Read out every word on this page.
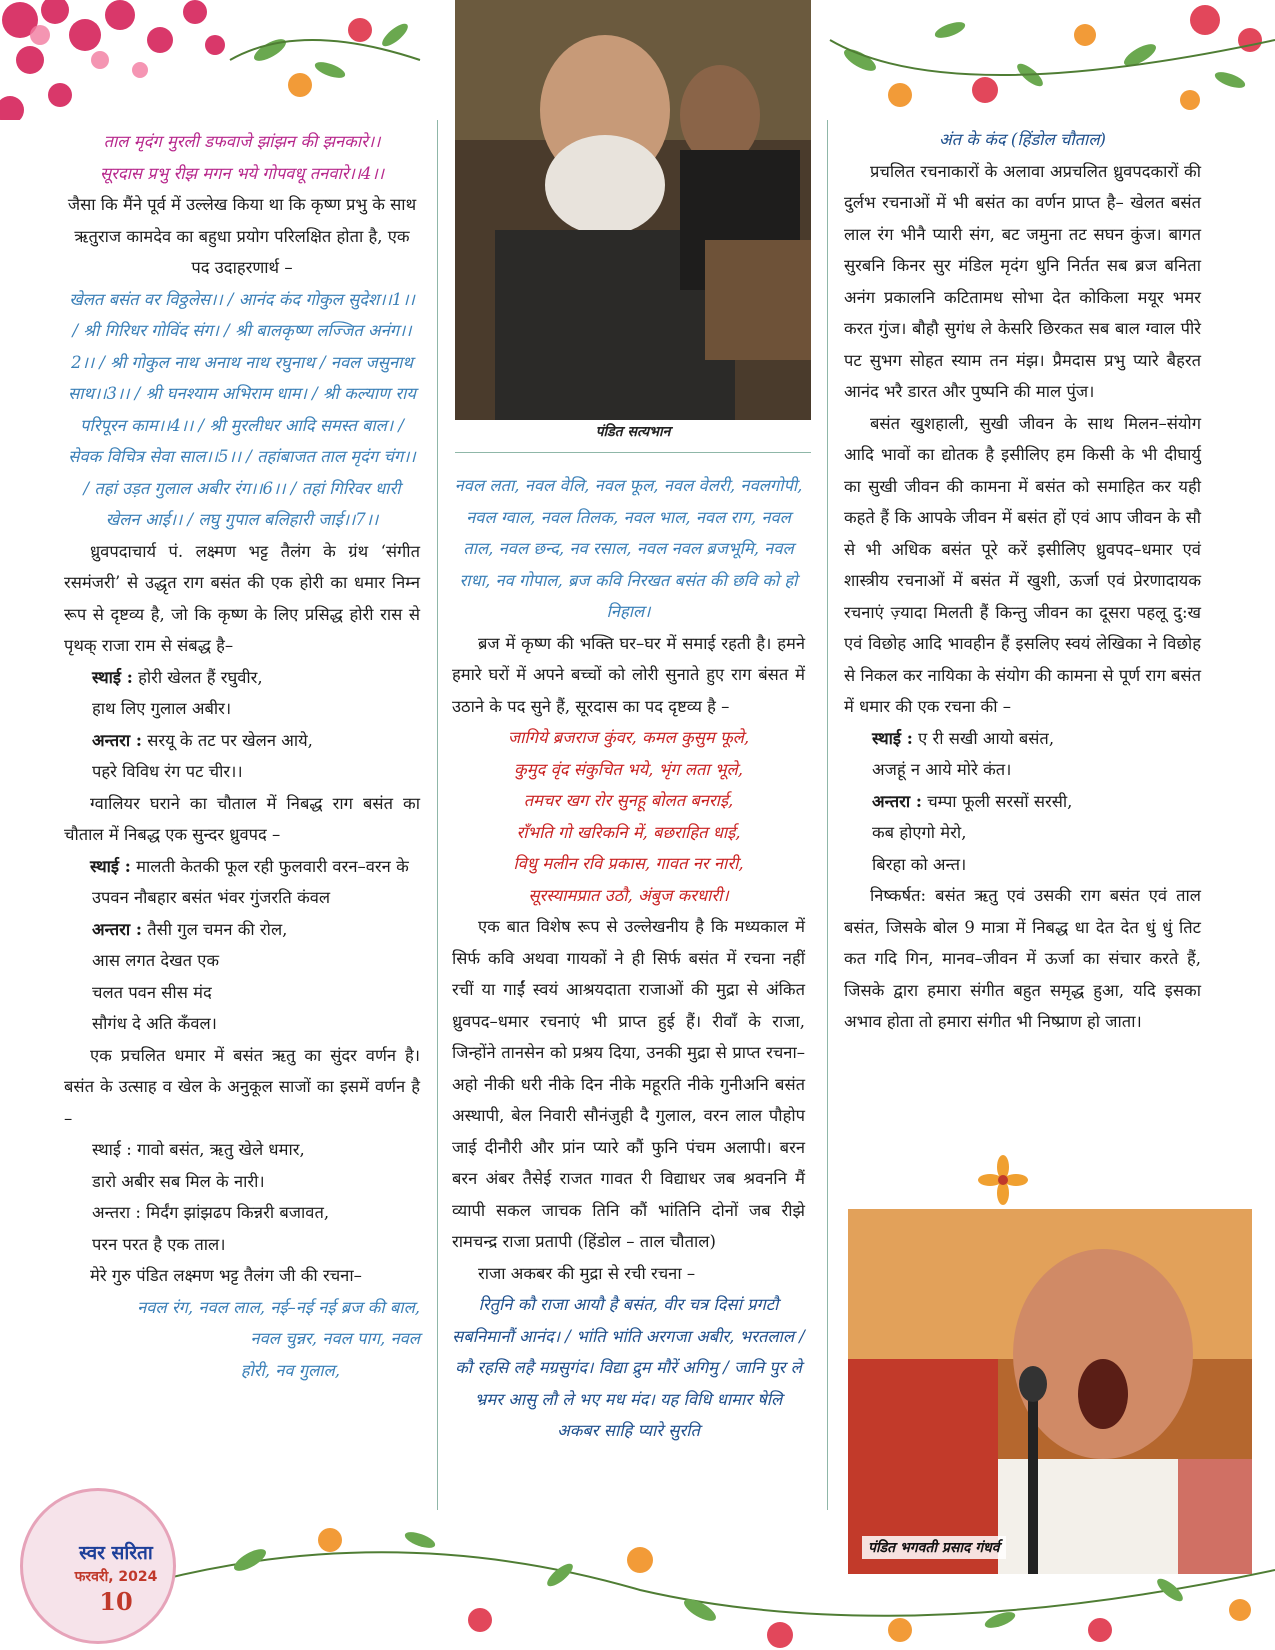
ताल मृदंग मुरली डफवाजे झांझन की झनकारे।।

सूरदास प्रभु रीझ मगन भये गोपवधू तनवारे।।4।।

जैसा कि मैंने पूर्व में उल्लेख किया था कि कृष्ण प्रभु के साथ ऋतुराज कामदेव का बहुधा प्रयोग परिलक्षित होता है, एक पद उदाहरणार्थ –

खेलत बसंत वर विठ्ठलेस।। / आनंद कंद गोकुल सुदेश।।1।। / श्री गिरिधर गोविंद संग। / श्री बालकृष्ण लज्जित अनंग।।2।। / श्री गोकुल नाथ अनाथ नाथ रघुनाथ / नवल जसुनाथ साथ।।3।। / श्री घनश्याम अभिराम धाम। / श्री कल्याण राय परिपूरन काम।।4।। / श्री मुरलीधर आदि समस्त बाल। / सेवक विचित्र सेवा साल।।5।। / तहांबाजत ताल मृदंग चंग।। / तहां उड़त गुलाल अबीर रंग।।6।। / तहां गिरिवर धारी खेलन आई।। / लघु गुपाल बलिहारी जाई।।7।।

ध्रुवपदाचार्य पं. लक्ष्मण भट्ट तैलंग के ग्रंथ ‘संगीत रसमंजरी’ से उद्धृत राग बसंत की एक होरी का धमार निम्न रूप से दृष्टव्य है, जो कि कृष्ण के लिए प्रसिद्ध होरी रास से पृथक् राजा राम से संबद्ध है–

स्थाई : होरी खेलत हैं रघुवीर,

हाथ लिए गुलाल अबीर।

अन्तरा : सरयू के तट पर खेलन आये,

पहरे विविध रंग पट चीर।।

ग्वालियर घराने का चौताल में निबद्ध राग बसंत का चौताल में निबद्ध एक सुन्दर ध्रुवपद –

स्थाई : मालती केतकी फूल रही फुलवारी वरन–वरन के

उपवन नौबहार बसंत भंवर गुंजरति कंवल

अन्तरा : तैसी गुल चमन की रोल,

आस लगत देखत एक

चलत पवन सीस मंद

सौगंध दे अति कँवल।

एक प्रचलित धमार में बसंत ऋतु का सुंदर वर्णन है। बसंत के उत्साह व खेल के अनुकूल साजों का इसमें वर्णन है –

स्थाई : गावो बसंत, ऋतु खेले धमार,

डारो अबीर सब मिल के नारी।

अन्तरा : मिर्दंग झांझढप किन्नरी बजावत,

परन परत है एक ताल।

मेरे गुरु पंडित लक्ष्मण भट्ट तैलंग जी की रचना–

नवल रंग, नवल लाल, नई–नई नई ब्रज की बाल,

नवल चुन्नर, नवल पाग, नवल

होरी, नव गुलाल,

पंडित सत्यभान

नवल लता, नवल वेलि, नवल फूल, नवल वेलरी, नवलगोपी, नवल ग्वाल, नवल तिलक, नवल भाल, नवल राग, नवल ताल, नवल छन्द, नव रसाल, नवल नवल ब्रजभूमि, नवल राधा, नव गोपाल, ब्रज कवि निरखत बसंत की छवि को हो निहाल।

ब्रज में कृष्ण की भक्ति घर–घर में समाई रहती है। हमने हमारे घरों में अपने बच्चों को लोरी सुनाते हुए राग बंसत में उठाने के पद सुने हैं, सूरदास का पद दृष्टव्य है –

जागिये ब्रजराज कुंवर, कमल कुसुम फूले,

कुमुद वृंद संकुचित भये, भृंग लता भूले,

तमचर खग रोर सुनहू बोलत बनराई,

राँभति गो खरिकनि में, बछराहित धाई,

विधु मलीन रवि प्रकास, गावत नर नारी,

सूरस्यामप्रात उठौ, अंबुज करधारी।

एक बात विशेष रूप से उल्लेखनीय है कि मध्यकाल में सिर्फ कवि अथवा गायकों ने ही सिर्फ बसंत में रचना नहीं रचीं या गाईं स्वयं आश्रयदाता राजाओं की मुद्रा से अंकित ध्रुवपद–धमार रचनाएं भी प्राप्त हुई हैं। रीवाँ के राजा, जिन्होंने तानसेन को प्रश्रय दिया, उनकी मुद्रा से प्राप्त रचना– अहो नीकी धरी नीके दिन नीके महूरति नीके गुनीअनि बसंत अस्थापी, बेल निवारी सौनंजुही दै गुलाल, वरन लाल पौहोप जाई दीनौरी और प्रांन प्यारे कौं फुनि पंचम अलापी। बरन बरन अंबर तैसेई राजत गावत री विद्याधर जब श्रवननि मैं व्यापी सकल जाचक तिनि कौं भांतिनि दोनों जब रीझे रामचन्द्र राजा प्रतापी (हिंडोल – ताल चौताल)

राजा अकबर की मुद्रा से रची रचना –

रितुनि कौ राजा आयौ है बसंत, वीर चत्र दिसां प्रगटौ सबनिमानौं आनंद। / भांति भांति अरगजा अबीर, भरतलाल / कौ रहसि लहै मग्रसुगंद। विद्या द्रुम मौरें अगिमु / जानि पुर ले भ्रमर आसु लौ ले भए मध मंद। यह विधि धामार षेलि अकबर साहि प्यारे सुरति

अंत के कंद (हिंडोल चौताल)

प्रचलित रचनाकारों के अलावा अप्रचलित ध्रुवपदकारों की दुर्लभ रचनाओं में भी बसंत का वर्णन प्राप्त है– खेलत बसंत लाल रंग भीनै प्यारी संग, बट जमुना तट सघन कुंज। बागत सुरबनि किनर सुर मंडिल मृदंग धुनि निर्तत सब ब्रज बनिता अनंग प्रकालनि कटितामध सोभा देत कोकिला मयूर भमर करत गुंज। बौहौ सुगंध ले केसरि छिरकत सब बाल ग्वाल पीरे पट सुभग सोहत स्याम तन मंझ। प्रैमदास प्रभु प्यारे बैहरत आनंद भरै डारत और पुष्पनि की माल पुंज।

बसंत खुशहाली, सुखी जीवन के साथ मिलन–संयोग आदि भावों का द्योतक है इसीलिए हम किसी के भी दीघार्यु का सुखी जीवन की कामना में बसंत को समाहित कर यही कहते हैं कि आपके जीवन में बसंत हों एवं आप जीवन के सौ से भी अधिक बसंत पूरे करें इसीलिए ध्रुवपद–धमार एवं शास्त्रीय रचनाओं में बसंत में खुशी, ऊर्जा एवं प्रेरणादायक रचनाएं ज़्यादा मिलती हैं किन्तु जीवन का दूसरा पहलू दु:ख एवं विछोह आदि भावहीन हैं इसलिए स्वयं लेखिका ने विछोह से निकल कर नायिका के संयोग की कामना से पूर्ण राग बसंत में धमार की एक रचना की –

स्थाई : ए री सखी आयो बसंत,

अजहूं न आये मोरे कंत।

अन्तरा : चम्पा फूली सरसों सरसी,

कब होएगो मेरो,

बिरहा को अन्त।

निष्कर्षत: बसंत ऋतु एवं उसकी राग बसंत एवं ताल बसंत, जिसके बोल 9 मात्रा में निबद्ध धा देत देत धुं धुं तिट कत गदि गिन, मानव–जीवन में ऊर्जा का संचार करते हैं, जिसके द्वारा हमारा संगीत बहुत समृद्ध हुआ, यदि इसका अभाव होता तो हमारा संगीत भी निष्प्राण हो जाता।

पंडित भगवती प्रसाद गंधर्व
स्वर सरिता
फरवरी, 2024
10
